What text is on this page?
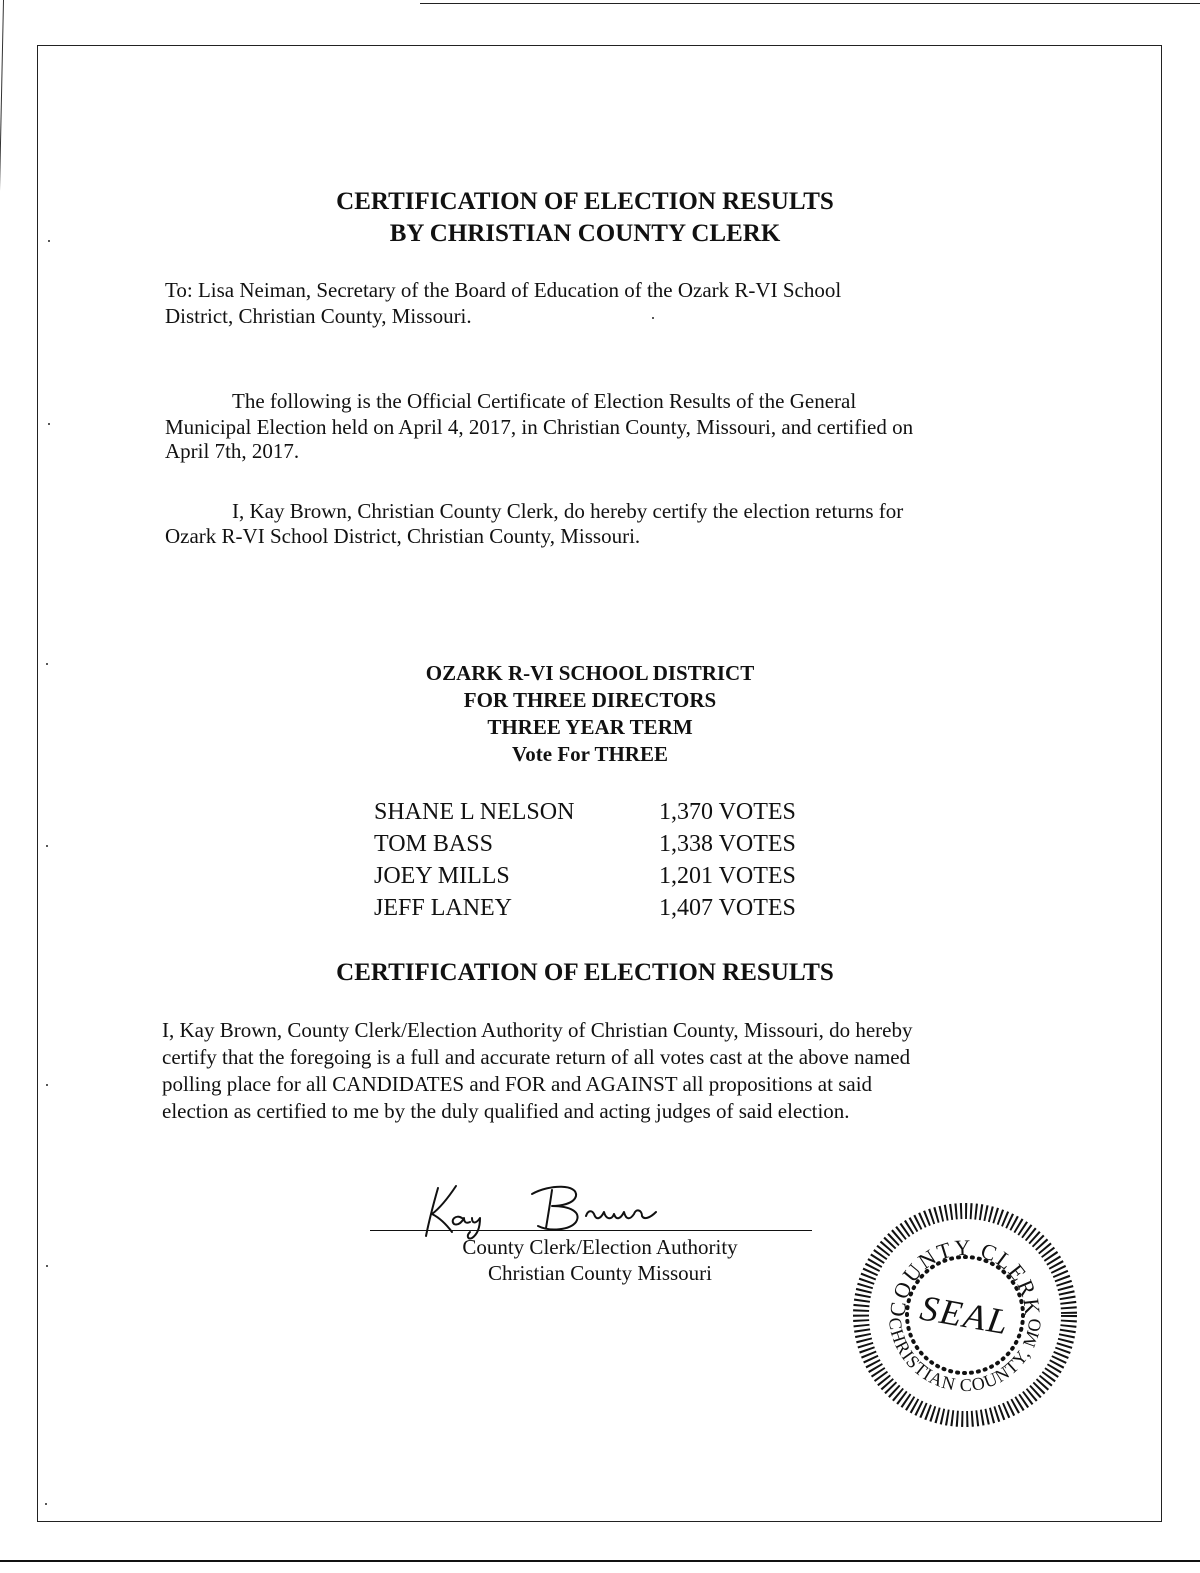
CERTIFICATION OF ELECTION RESULTS
BY CHRISTIAN COUNTY CLERK

To: Lisa Neiman, Secretary of the Board of Education of the Ozark R-VI School

District, Christian County, Missouri.

The following is the Official Certificate of Election Results of the General

Municipal Election held on April 4, 2017, in Christian County, Missouri, and certified on

April 7th, 2017.

I, Kay Brown, Christian County Clerk, do hereby certify the election returns for

Ozark R-VI School District, Christian County, Missouri.

OZARK R-VI SCHOOL DISTRICT
FOR THREE DIRECTORS
THREE YEAR TERM
Vote For THREE
SHANE L NELSON	1,370 VOTES
TOM BASS	1,338 VOTES
JOEY MILLS	1,201 VOTES
JEFF LANEY	1,407 VOTES
CERTIFICATION OF ELECTION RESULTS

I, Kay Brown, County Clerk/Election Authority of Christian County, Missouri, do hereby

certify that the foregoing is a full and accurate return of all votes cast at the above named

polling place for all CANDIDATES and FOR and AGAINST all propositions at said

election as certified to me by the duly qualified and acting judges of said election.

County Clerk/Election Authority
Christian County Missouri
COUNTY CLERK
CHRISTIAN COUNTY, MO
SEAL
